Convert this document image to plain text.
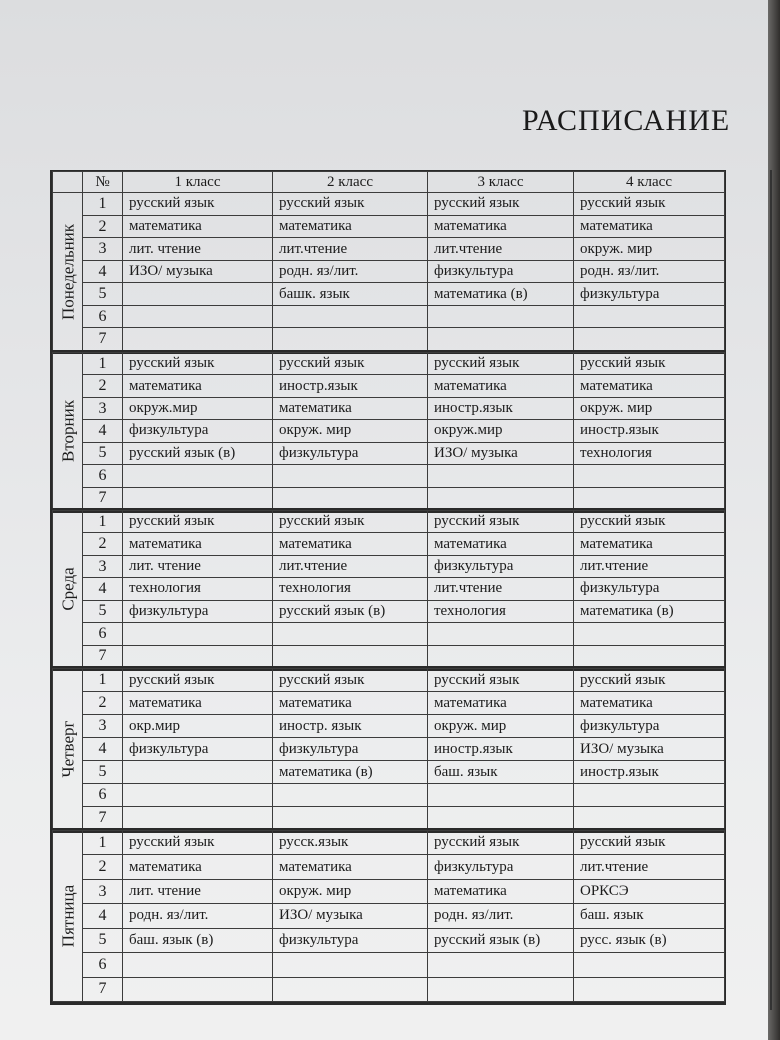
РАСПИСАНИЕ
	№	1 класс	2 класс	3 класс	4 класс

Понедельник	1	русский язык	русский язык	русский язык	русский язык
	2	математика	математика	математика	математика
	3	лит. чтение	лит.чтение	лит.чтение	окруж. мир
	4	ИЗО/ музыка	родн. яз/лит.	физкультура	родн. яз/лит.
	5		башк. язык	математика (в)	физкультура
	6				
	7				
Вторник	1	русский язык	русский язык	русский язык	русский язык
	2	математика	иностр.язык	математика	математика
	3	окруж.мир	математика	иностр.язык	окруж. мир
	4	физкультура	окруж. мир	окруж.мир	иностр.язык
	5	русский язык (в)	физкультура	ИЗО/ музыка	технология
	6				
	7				
Среда	1	русский язык	русский язык	русский язык	русский язык
	2	математика	математика	математика	математика
	3	лит. чтение	лит.чтение	физкультура	лит.чтение
	4	технология	технология	лит.чтение	физкультура
	5	физкультура	русский язык (в)	технология	математика (в)
	6				
	7				
Четверг	1	русский язык	русский язык	русский язык	русский язык
	2	математика	математика	математика	математика
	3	окр.мир	иностр. язык	окруж. мир	физкультура
	4	физкультура	физкультура	иностр.язык	ИЗО/ музыка
	5		математика (в)	баш. язык	иностр.язык
	6				
	7				
Пятница	1	русский язык	русск.язык	русский язык	русский язык
	2	математика	математика	физкультура	лит.чтение
	3	лит. чтение	окруж. мир	математика	ОРКСЭ
	4	родн. яз/лит.	ИЗО/ музыка	родн. яз/лит.	баш. язык
	5	баш. язык (в)	физкультура	русский язык (в)	русс. язык (в)
	6				
	7				
